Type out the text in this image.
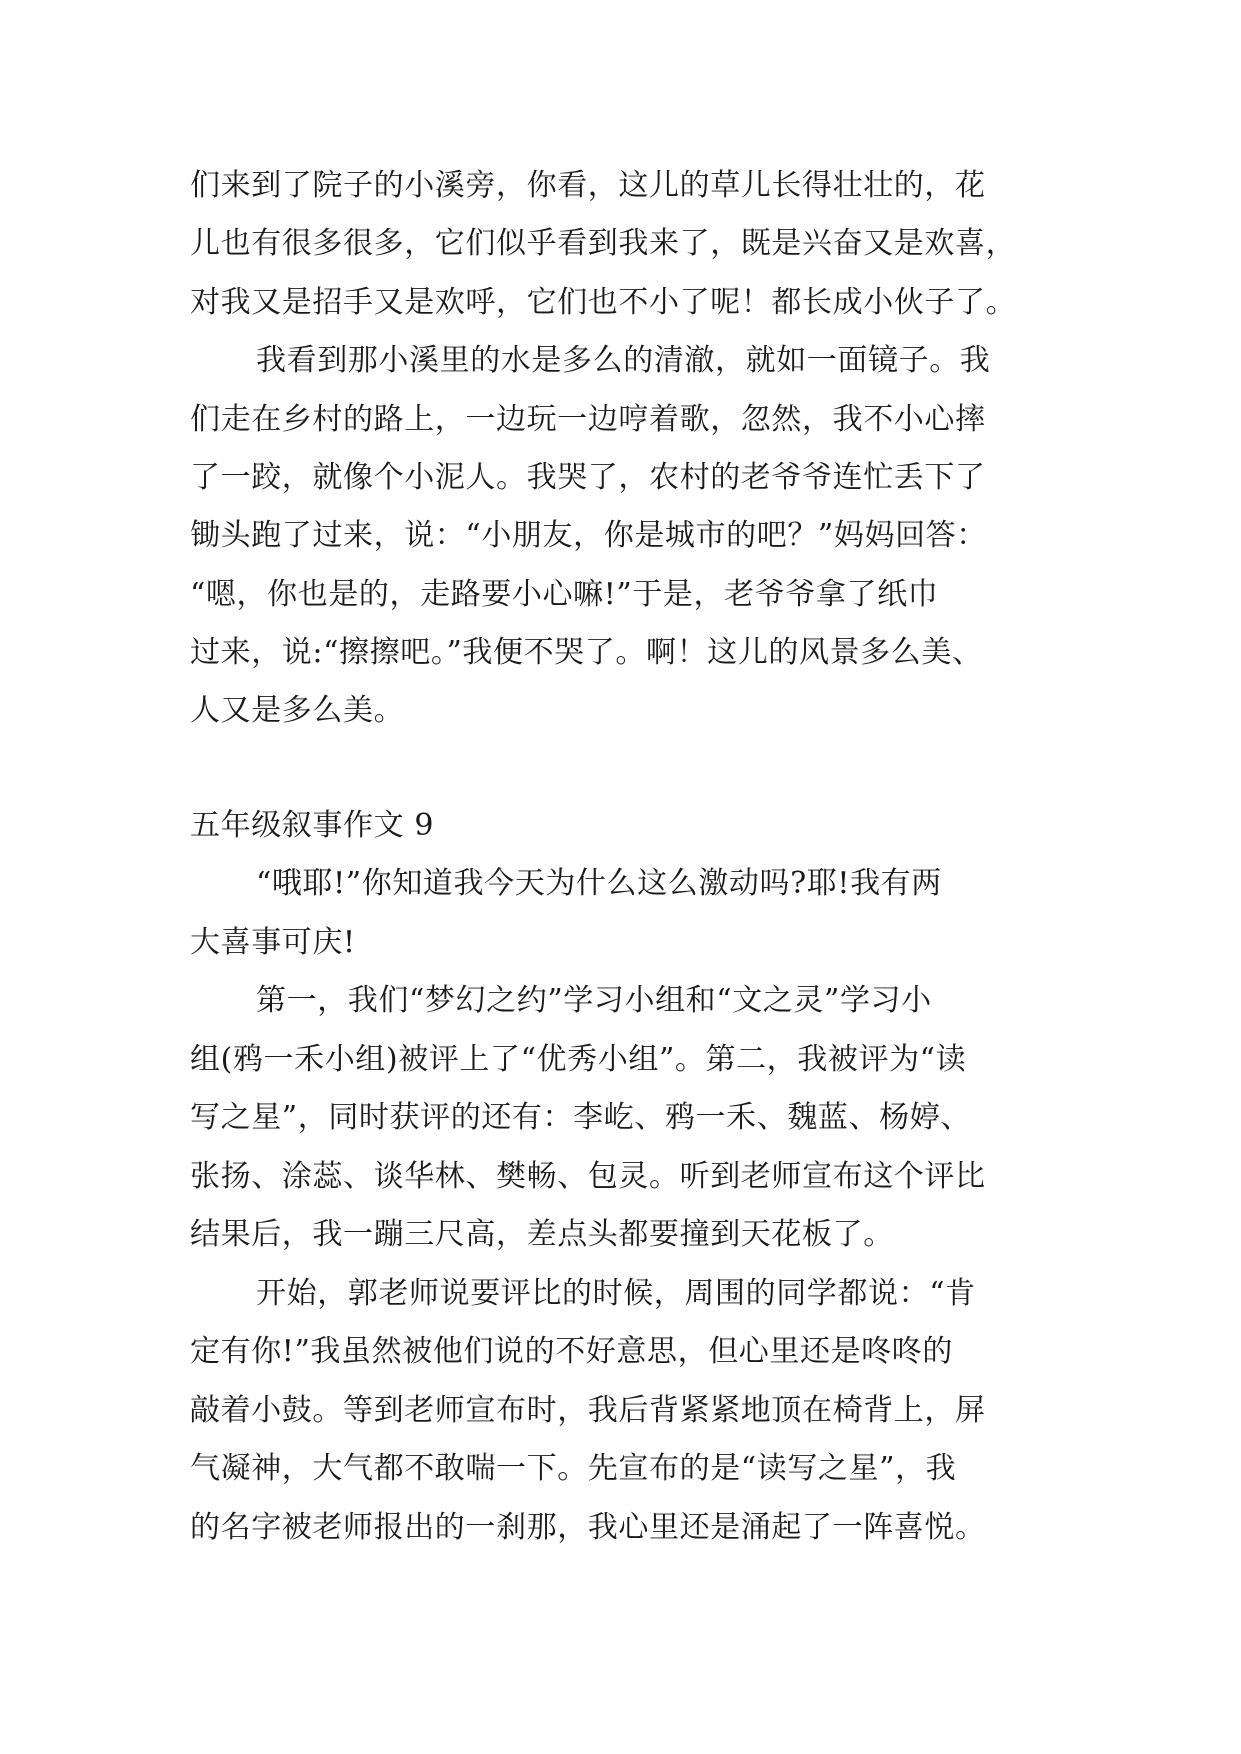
们来到了院子的小溪旁，你看，这儿的草儿长得壮壮的，花

儿也有很多很多，它们似乎看到我来了，既是兴奋又是欢喜，

对我又是招手又是欢呼，它们也不小了呢！都长成小伙子了。

我看到那小溪里的水是多么的清澈，就如一面镜子。我

们走在乡村的路上，一边玩一边哼着歌，忽然，我不小心摔

了一跤，就像个小泥人。我哭了，农村的老爷爷连忙丢下了

锄头跑了过来，说：“小朋友，你是城市的吧？”妈妈回答：

“嗯，你也是的，走路要小心嘛!”于是，老爷爷拿了纸巾

过来，说:“擦擦吧。”我便不哭了。啊！这儿的风景多么美、

人又是多么美。

五年级叙事作文 9

“哦耶!”你知道我今天为什么这么激动吗?耶!我有两

大喜事可庆!

第一，我们“梦幻之约”学习小组和“文之灵”学习小

组(鸦一禾小组)被评上了“优秀小组”。第二，我被评为“读

写之星”，同时获评的还有：李屹、鸦一禾、魏蓝、杨婷、

张扬、涂蕊、谈华林、樊畅、包灵。听到老师宣布这个评比

结果后，我一蹦三尺高，差点头都要撞到天花板了。

开始，郭老师说要评比的时候，周围的同学都说：“肯

定有你!”我虽然被他们说的不好意思，但心里还是咚咚的

敲着小鼓。等到老师宣布时，我后背紧紧地顶在椅背上，屏

气凝神，大气都不敢喘一下。先宣布的是“读写之星”，我

的名字被老师报出的一刹那，我心里还是涌起了一阵喜悦。
